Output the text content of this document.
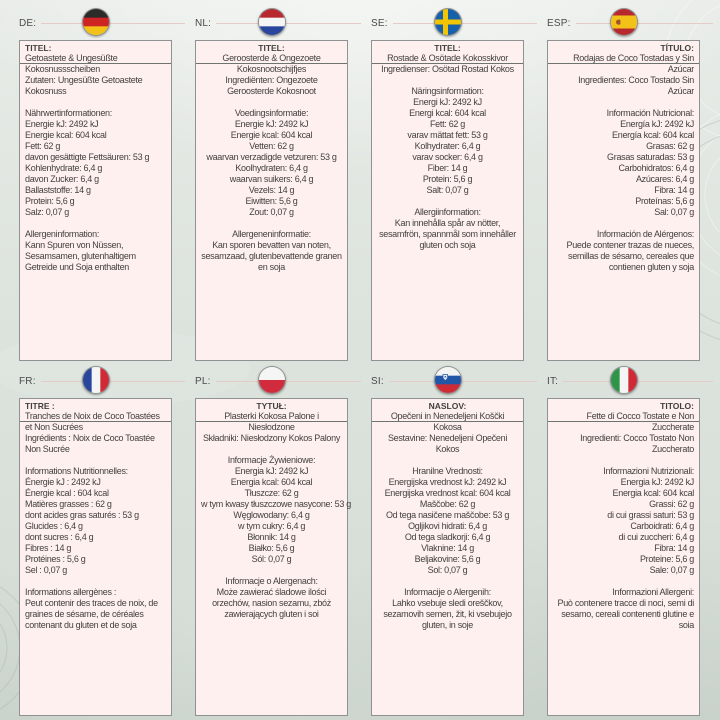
DE:
TITEL:
Getoastete & Ungesüßte Kokosnussscheiben
Zutaten: Ungesüßte Getoastete Kokosnuss
Nährwertinformationen:
Energie kJ: 2492 kJ
Energie kcal: 604 kcal
Fett: 62 g
davon gesättigte Fettsäuren: 53 g
Kohlenhydrate: 6,4 g
davon Zucker: 6,4 g
Ballaststoffe: 14 g
Protein: 5,6 g
Salz: 0,07 g
Allergeninformation:
Kann Spuren von Nüssen, Sesamsamen, glutenhaltigem Getreide und Soja enthalten
NL:
TITEL:
Geroosterde & Ongezoete Kokosnootschijfjes
Ingrediënten: Ongezoete Geroosterde Kokosnoot
Voedingsinformatie:
Energie kJ: 2492 kJ
Energie kcal: 604 kcal
Vetten: 62 g
waarvan verzadigde vetzuren: 53 g
Koolhydraten: 6,4 g
waarvan suikers: 6,4 g
Vezels: 14 g
Eiwitten: 5,6 g
Zout: 0,07 g
Allergeneninformatie:
Kan sporen bevatten van noten, sesamzaad, glutenbevattende granen en soja
SE:
TITEL:
Rostade & Osötade Kokosskivor
Ingredienser: Osötad Rostad Kokos
Näringsinformation:
Energi kJ: 2492 kJ
Energi kcal: 604 kcal
Fett: 62 g
varav mättat fett: 53 g
Kolhydrater: 6,4 g
varav socker: 6,4 g
Fiber: 14 g
Protein: 5,6 g
Salt: 0,07 g
Allergiinformation:
Kan innehålla spår av nötter, sesamfrön, spannmål som innehåller gluten och soja
ESP:
TÍTULO:
Rodajas de Coco Tostadas y Sin Azúcar
Ingredientes: Coco Tostado Sin Azúcar
Información Nutricional:
Energía kJ: 2492 kJ
Energía kcal: 604 kcal
Grasas: 62 g
Grasas saturadas: 53 g
Carbohidratos: 6,4 g
Azúcares: 6,4 g
Fibra: 14 g
Proteínas: 5,6 g
Sal: 0,07 g
Información de Alérgenos:
Puede contener trazas de nueces, semillas de sésamo, cereales que contienen gluten y soja
FR:
TITRE :
Tranches de Noix de Coco Toastées et Non Sucrées
Ingrédients : Noix de Coco Toastée Non Sucrée
Informations Nutritionnelles:
Énergie kJ : 2492 kJ
Énergie kcal : 604 kcal
Matières grasses : 62 g
dont acides gras saturés : 53 g
Glucides : 6,4 g
dont sucres : 6,4 g
Fibres : 14 g
Protéines : 5,6 g
Sel : 0,07 g
Informations allergènes :
Peut contenir des traces de noix, de graines de sésame, de céréales contenant du gluten et de soja
PL:
TYTUŁ:
Plasterki Kokosa Palone i Niesłodzone
Składniki: Niesłodzony Kokos Palony
Informacje Żywieniowe:
Energia kJ: 2492 kJ
Energia kcal: 604 kcal
Tłuszcze: 62 g
w tym kwasy tłuszczowe nasycone: 53 g
Węglowodany: 6,4 g
w tym cukry: 6,4 g
Błonnik: 14 g
Białko: 5,6 g
Sól: 0,07 g
Informacje o Alergenach:
Może zawierać śladowe ilości orzechów, nasion sezamu, zbóż zawierających gluten i soi
SI:
NASLOV:
Opečeni in Nenedeljeni Koščki Kokosa
Sestavine: Nenedeljeni Opečeni Kokos
Hranilne Vrednosti:
Energijska vrednost kJ: 2492 kJ
Energijska vrednost kcal: 604 kcal
Maščobe: 62 g
Od tega nasičene maščobe: 53 g
Ogljikovi hidrati: 6,4 g
Od tega sladkorji: 6,4 g
Vlaknine: 14 g
Beljakovine: 5,6 g
Sol: 0,07 g
Informacije o Alergenih:
Lahko vsebuje sledi oreščkov, sezamovih semen, žit, ki vsebujejo gluten, in soje
IT:
TITOLO:
Fette di Cocco Tostate e Non Zuccherate
Ingredienti: Cocco Tostato Non Zuccherato
Informazioni Nutrizionali:
Energia kJ: 2492 kJ
Energia kcal: 604 kcal
Grassi: 62 g
di cui grassi saturi: 53 g
Carboidrati: 6,4 g
di cui zuccheri: 6,4 g
Fibra: 14 g
Proteine: 5,6 g
Sale: 0,07 g
Informazioni Allergeni:
Può contenere tracce di noci, semi di sesamo, cereali contenenti glutine e soia
